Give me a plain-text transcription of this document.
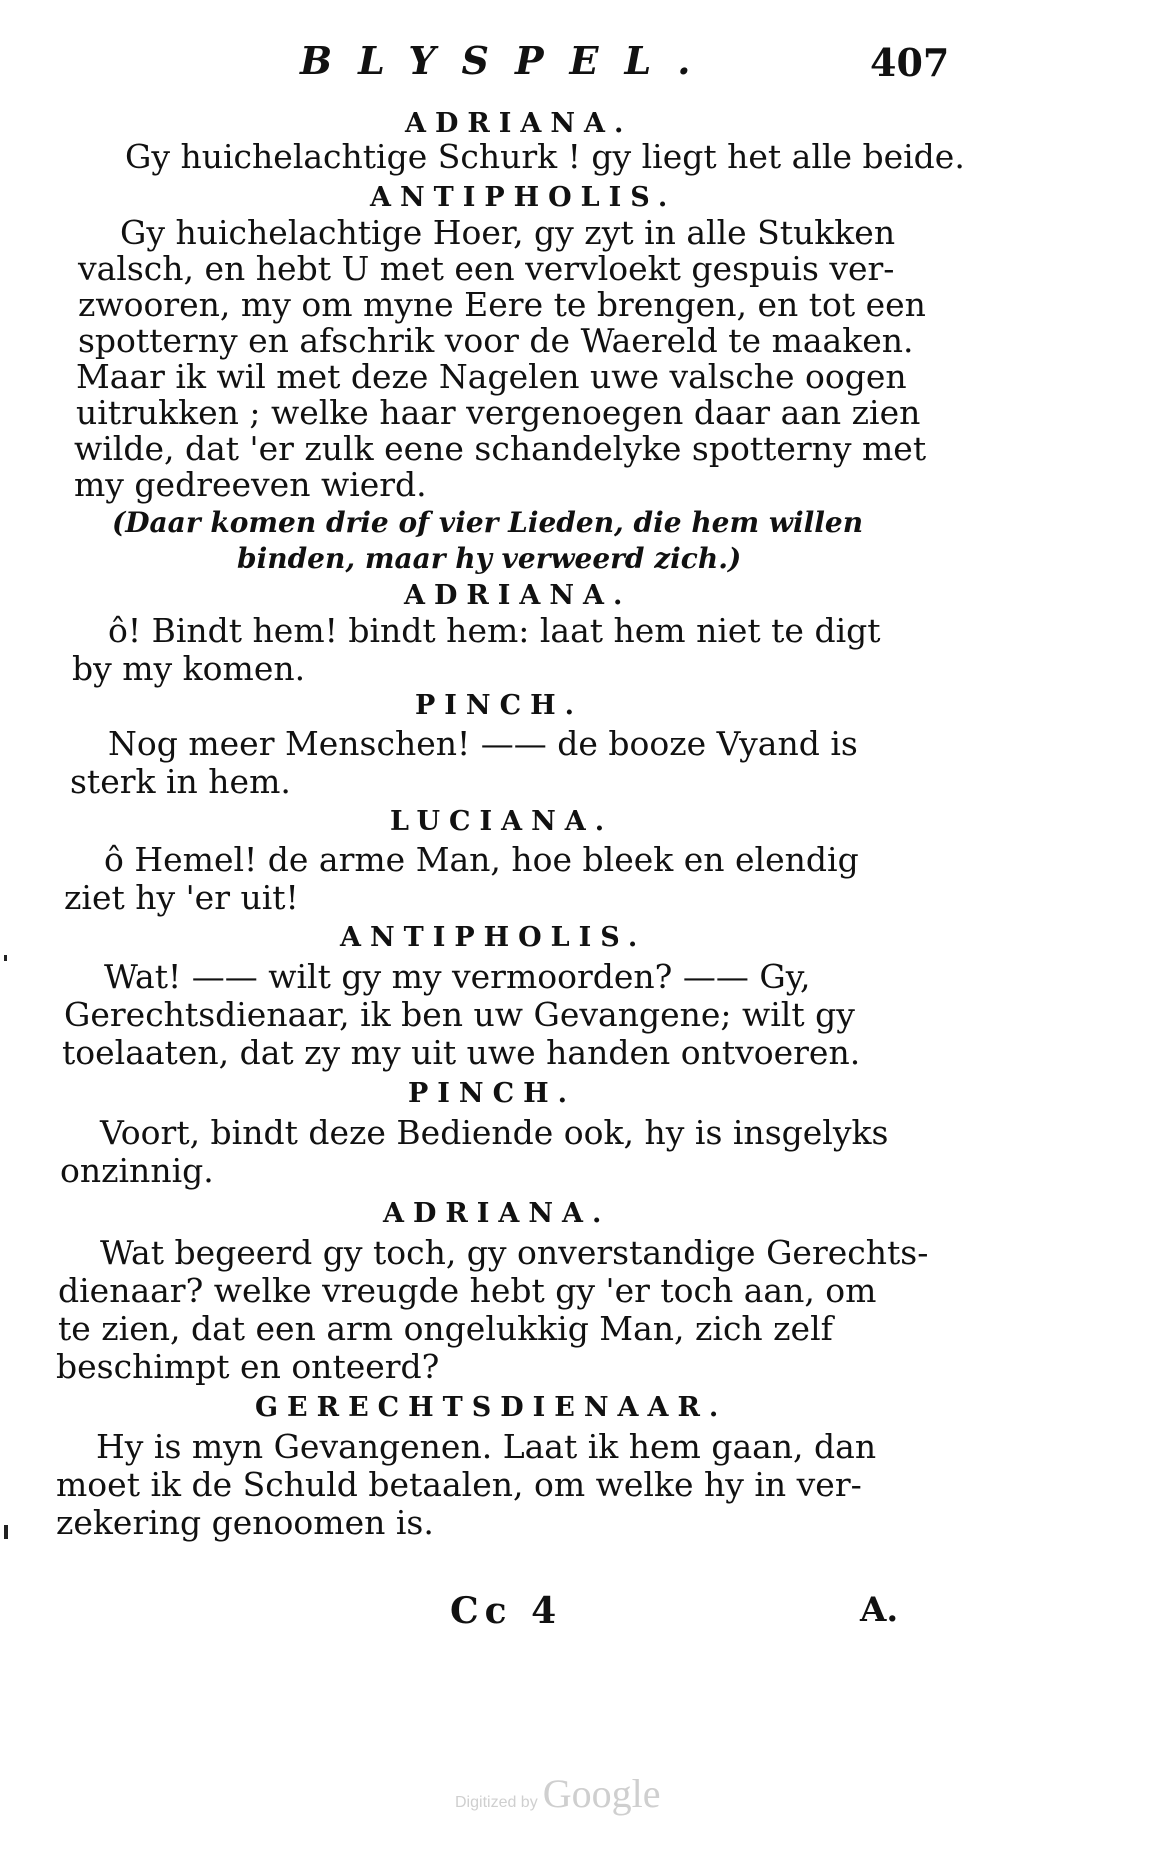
BLYSPEL.	407
ADRIANA.
Gy huichelachtige Schurk ! gy liegt het alle beide.
ANTIPHOLIS.
Gy huichelachtige Hoer, gy zyt in alle Stukken
valsch, en hebt U met een vervloekt gespuis ver-
zwooren, my om myne Eere te brengen, en tot een
spotterny en afschrik voor de Waereld te maaken.
Maar ik wil met deze Nagelen uwe valsche oogen
uitrukken ; welke haar vergenoegen daar aan zien
wilde, dat 'er zulk eene schandelyke spotterny met
my gedreeven wierd.
(Daar komen drie of vier Lieden, die hem willen
binden, maar hy verweerd zich.)
ADRIANA.
ô! Bindt hem! bindt hem: laat hem niet te digt
by my komen.
PINCH.
Nog meer Menschen! —— de booze Vyand is
sterk in hem.
LUCIANA.
ô Hemel! de arme Man, hoe bleek en elendig
ziet hy 'er uit!
ANTIPHOLIS.
Wat! —— wilt gy my vermoorden? —— Gy,
Gerechtsdienaar, ik ben uw Gevangene; wilt gy
toelaaten, dat zy my uit uwe handen ontvoeren.
PINCH.
Voort, bindt deze Bediende ook, hy is insgelyks
onzinnig.
ADRIANA.
Wat begeerd gy toch, gy onverstandige Gerechts-
dienaar? welke vreugde hebt gy 'er toch aan, om
te zien, dat een arm ongelukkig Man, zich zelf
beschimpt en onteerd?
GERECHTSDIENAAR.
Hy is myn Gevangenen. Laat ik hem gaan, dan
moet ik de Schuld betaalen, om welke hy in ver-
zekering genoomen is.
Cc 4	A.
Digitized by Google
